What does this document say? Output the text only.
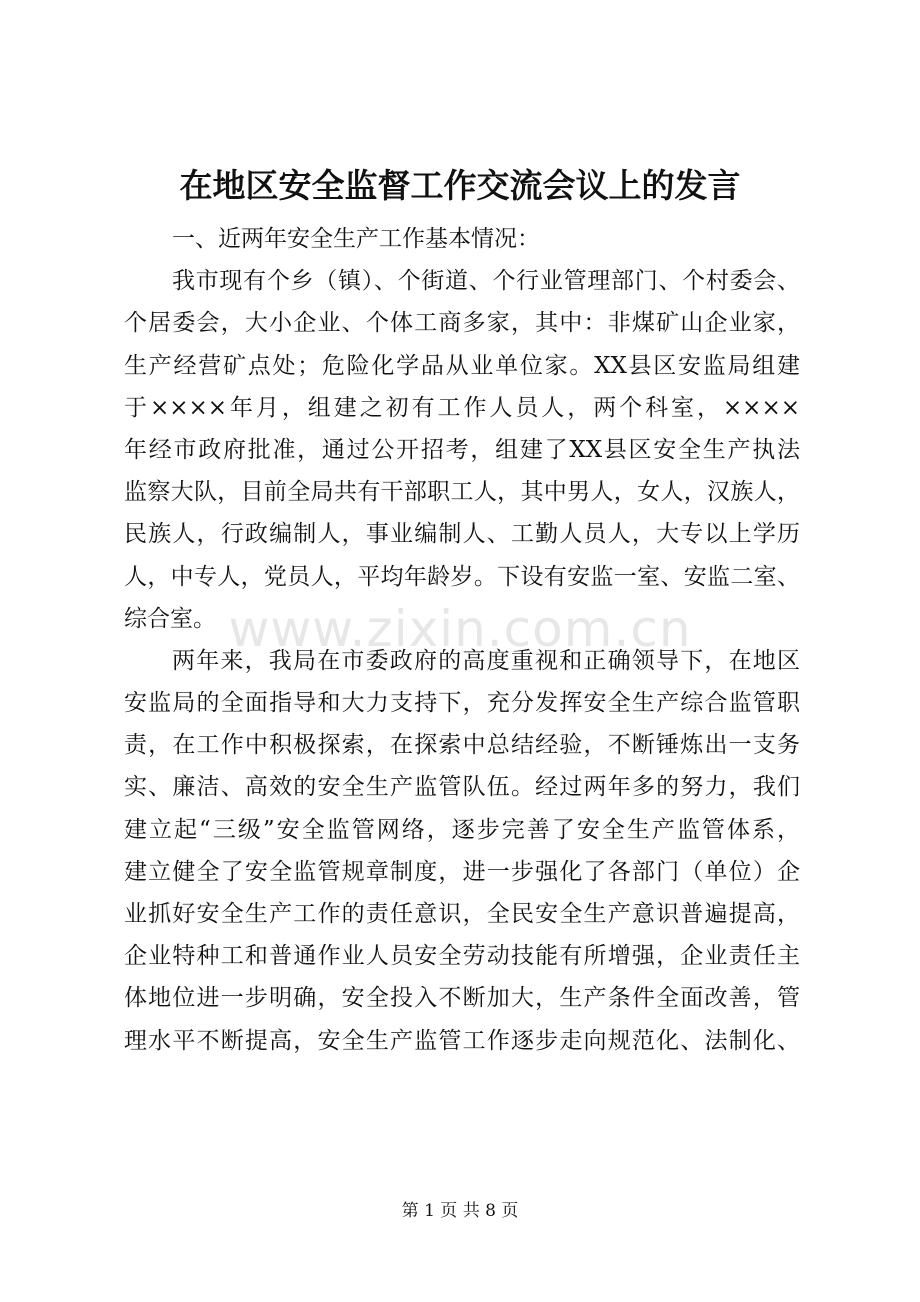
在地区安全监督工作交流会议上的发言
www.zixin.com.cn
一、近两年安全生产工作基本情况：
我市现有个乡（镇）、个街道、个行业管理部门、个村委会、
个居委会，大小企业、个体工商多家，其中：非煤矿山企业家，
生产经营矿点处；危险化学品从业单位家。XX县区安监局组建
于××××年月，组建之初有工作人员人，两个科室，××××
年经市政府批准，通过公开招考，组建了XX县区安全生产执法
监察大队，目前全局共有干部职工人，其中男人，女人，汉族人，
民族人，行政编制人，事业编制人、工勤人员人，大专以上学历
人，中专人，党员人，平均年龄岁。下设有安监一室、安监二室、
综合室。
两年来，我局在市委政府的高度重视和正确领导下，在地区
安监局的全面指导和大力支持下，充分发挥安全生产综合监管职
责，在工作中积极探索，在探索中总结经验，不断锤炼出一支务
实、廉洁、高效的安全生产监管队伍。经过两年多的努力，我们
建立起“三级”安全监管网络，逐步完善了安全生产监管体系，
建立健全了安全监管规章制度，进一步强化了各部门（单位）企
业抓好安全生产工作的责任意识，全民安全生产意识普遍提高，
企业特种工和普通作业人员安全劳动技能有所增强，企业责任主
体地位进一步明确，安全投入不断加大，生产条件全面改善，管
理水平不断提高，安全生产监管工作逐步走向规范化、法制化、
第 1 页 共 8 页
